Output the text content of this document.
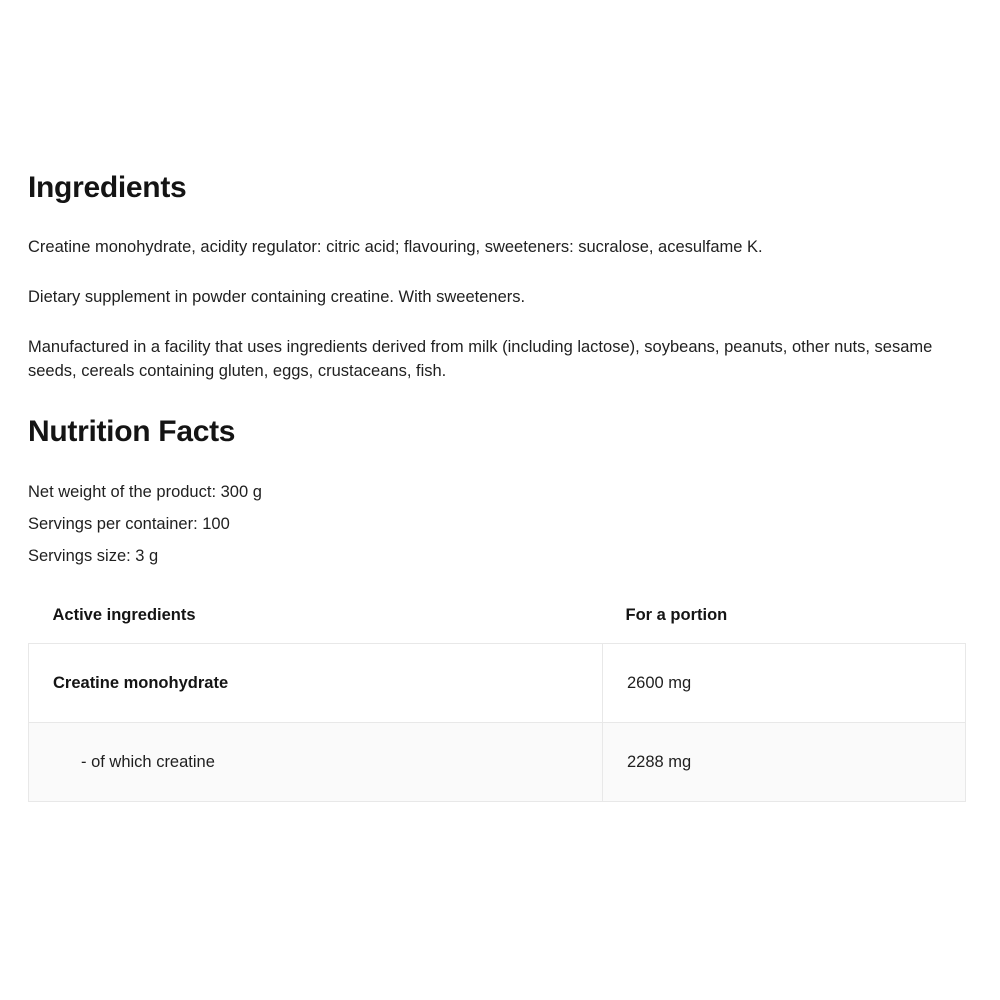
Ingredients

Creatine monohydrate, acidity regulator: citric acid; flavouring, sweeteners: sucralose, acesulfame K.

Dietary supplement in powder containing creatine. With sweeteners.

Manufactured in a facility that uses ingredients derived from milk (including lactose), soybeans, peanuts, other nuts, sesame seeds, cereals containing gluten, eggs, crustaceans, fish.

Nutrition Facts
Net weight of the product: 300 g
Servings per container: 100
Servings size: 3 g
Active ingredients	For a portion
Creatine monohydrate	2600 mg
- of which creatine	2288 mg
